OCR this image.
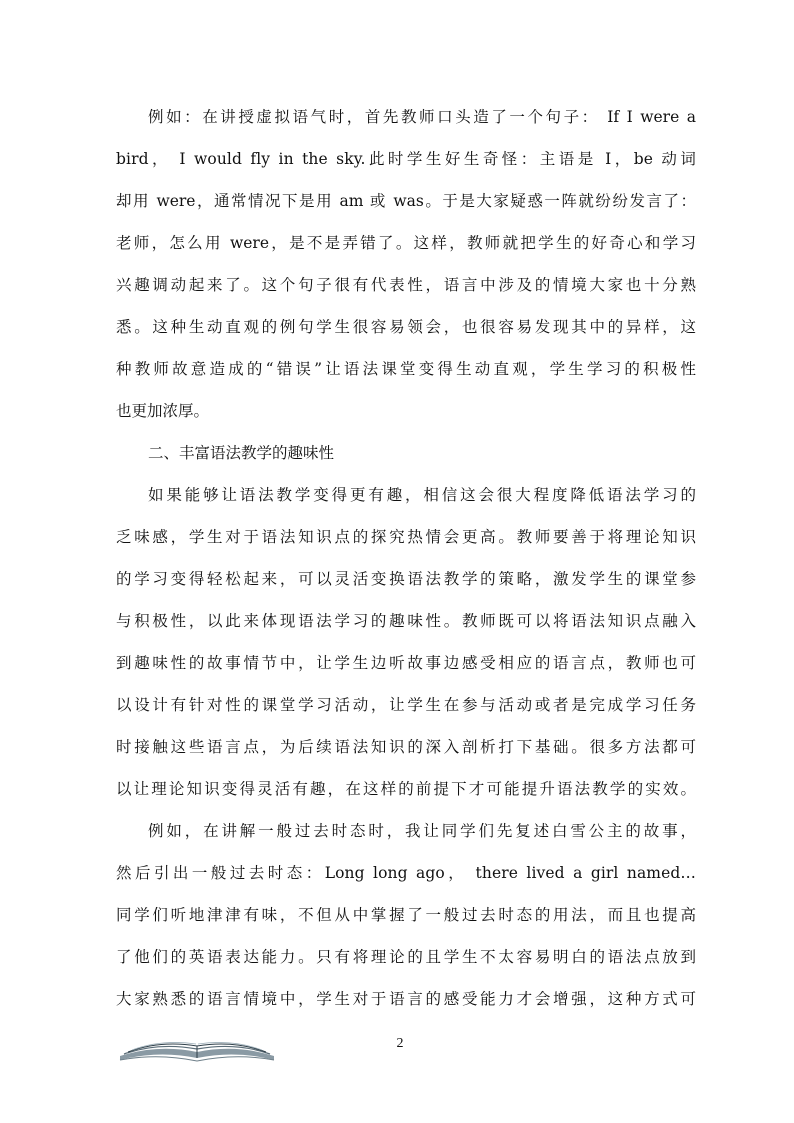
例如：在讲授虚拟语气时，首先教师口头造了一个句子： If I were a
bird， I would fly in the sky.此时学生好生奇怪：主语是 I，be 动词
却用 were，通常情况下是用 am 或 was。于是大家疑惑一阵就纷纷发言了：
老师，怎么用 were，是不是弄错了。这样，教师就把学生的好奇心和学习
兴趣调动起来了。这个句子很有代表性，语言中涉及的情境大家也十分熟
悉。这种生动直观的例句学生很容易领会，也很容易发现其中的异样，这
种教师故意造成的“错误”让语法课堂变得生动直观，学生学习的积极性
也更加浓厚。
二、丰富语法教学的趣味性
如果能够让语法教学变得更有趣，相信这会很大程度降低语法学习的
乏味感，学生对于语法知识点的探究热情会更高。教师要善于将理论知识
的学习变得轻松起来，可以灵活变换语法教学的策略，激发学生的课堂参
与积极性，以此来体现语法学习的趣味性。教师既可以将语法知识点融入
到趣味性的故事情节中，让学生边听故事边感受相应的语言点，教师也可
以设计有针对性的课堂学习活动，让学生在参与活动或者是完成学习任务
时接触这些语言点，为后续语法知识的深入剖析打下基础。很多方法都可
以让理论知识变得灵活有趣，在这样的前提下才可能提升语法教学的实效。
例如，在讲解一般过去时态时，我让同学们先复述白雪公主的故事，
然后引出一般过去时态：Long long ago， there lived a girl named…
同学们听地津津有味，不但从中掌握了一般过去时态的用法，而且也提高
了他们的英语表达能力。只有将理论的且学生不太容易明白的语法点放到
大家熟悉的语言情境中，学生对于语言的感受能力才会增强，这种方式可
2
